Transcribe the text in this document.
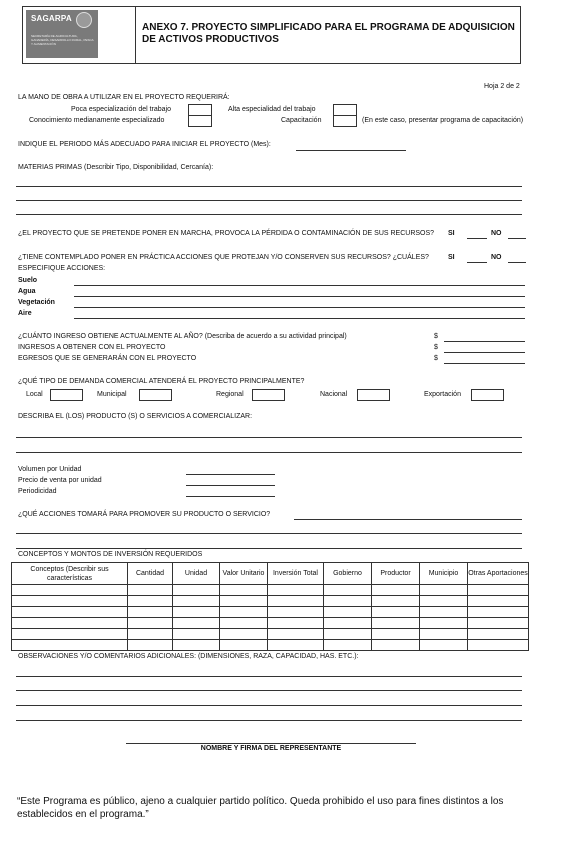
SAGARPA
SECRETARÍA DE AGRICULTURA, GANADERÍA, DESARROLLO RURAL, PESCA Y ALIMENTACIÓN
ANEXO 7. PROYECTO SIMPLIFICADO PARA EL PROGRAMA DE ADQUISICION DE ACTIVOS PRODUCTIVOS
Hoja 2 de 2
LA MANO DE OBRA A UTILIZAR EN EL PROYECTO REQUERIRÁ:
Poca especialización del trabajo	Alta especialidad del trabajo
Conocimiento medianamente especializado	Capacitación	(En este caso, presentar programa de capacitación)
INDIQUE EL PERIODO MÁS ADECUADO PARA INICIAR EL PROYECTO (Mes):
MATERIAS PRIMAS (Describir Tipo, Disponibilidad, Cercanía):
¿EL PROYECTO QUE SE PRETENDE PONER EN MARCHA, PROVOCA LA PÉRDIDA O CONTAMINACIÓN DE SUS RECURSOS? SI	NO
¿TIENE CONTEMPLADO PONER EN PRÁCTICA ACCIONES QUE PROTEJAN Y/O CONSERVEN SUS RECURSOS? ¿CUÁLES?	SI	NO
ESPECIFIQUE ACCIONES:
Suelo
Agua
Vegetación
Aire
¿CUÁNTO INGRESO OBTIENE ACTUALMENTE AL AÑO? (Describa de acuerdo a su actividad principal)	$
INGRESOS A OBTENER CON EL PROYECTO	$
EGRESOS QUE SE GENERARÁN CON EL PROYECTO	$
¿QUÉ TIPO DE DEMANDA COMERCIAL ATENDERÁ EL PROYECTO PRINCIPALMENTE?
Local	Municipal	Regional	Nacional	Exportación
DESCRIBA EL (LOS) PRODUCTO (S) O SERVICIOS A COMERCIALIZAR:
Volumen por Unidad
Precio de venta por unidad
Periodicidad
¿QUÉ ACCIONES TOMARÁ PARA PROMOVER SU PRODUCTO O SERVICIO?
CONCEPTOS Y MONTOS DE INVERSIÓN REQUERIDOS
Conceptos (Describir sus características	Cantidad	Unidad	Valor Unitario	Inversión Total	Gobierno	Productor	Municipio	Otras Aportaciones

OBSERVACIONES Y/O COMENTARIOS ADICIONALES: (DIMENSIONES, RAZA, CAPACIDAD, HAS. ETC.):
NOMBRE Y FIRMA DEL REPRESENTANTE
“Este Programa es público, ajeno a cualquier partido político. Queda prohibido el uso para fines distintos a los establecidos en el programa.”
